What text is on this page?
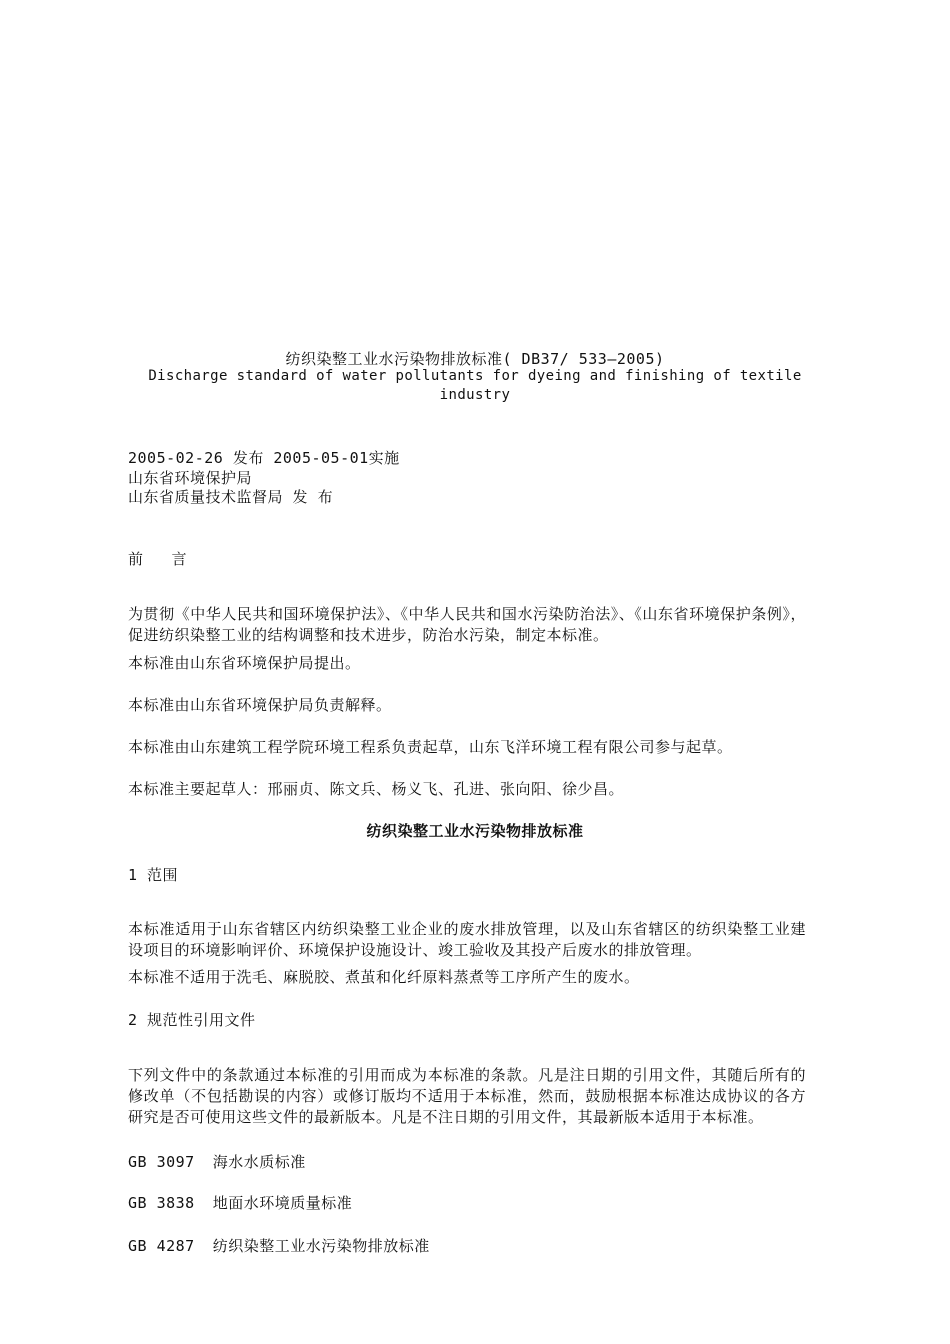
纺织染整工业水污染物排放标准( DB37/ 533—2005)

Discharge standard of water pollutants for dyeing and finishing of textile

industry

2005-02-26 发布 2005-05-01实施

山东省环境保护局

山东省质量技术监督局 发 布

前 言

为贯彻《中华人民共和国环境保护法》、《中华人民共和国水污染防治法》、《山东省环境保护条例》，促进纺织染整工业的结构调整和技术进步，防治水污染，制定本标准。

本标准由山东省环境保护局提出。

本标准由山东省环境保护局负责解释。

本标准由山东建筑工程学院环境工程系负责起草，山东飞洋环境工程有限公司参与起草。

本标准主要起草人：邢丽贞、陈文兵、杨义飞、孔进、张向阳、徐少昌。

纺织染整工业水污染物排放标准

1 范围

本标准适用于山东省辖区内纺织染整工业企业的废水排放管理，以及山东省辖区的纺织染整工业建设项目的环境影响评价、环境保护设施设计、竣工验收及其投产后废水的排放管理。

本标准不适用于洗毛、麻脱胶、煮茧和化纤原料蒸煮等工序所产生的废水。

2 规范性引用文件

下列文件中的条款通过本标准的引用而成为本标准的条款。凡是注日期的引用文件，其随后所有的修改单（不包括勘误的内容）或修订版均不适用于本标准，然而，鼓励根据本标准达成协议的各方研究是否可使用这些文件的最新版本。凡是不注日期的引用文件，其最新版本适用于本标准。

GB 3097 海水水质标准

GB 3838 地面水环境质量标准

GB 4287 纺织染整工业水污染物排放标准
